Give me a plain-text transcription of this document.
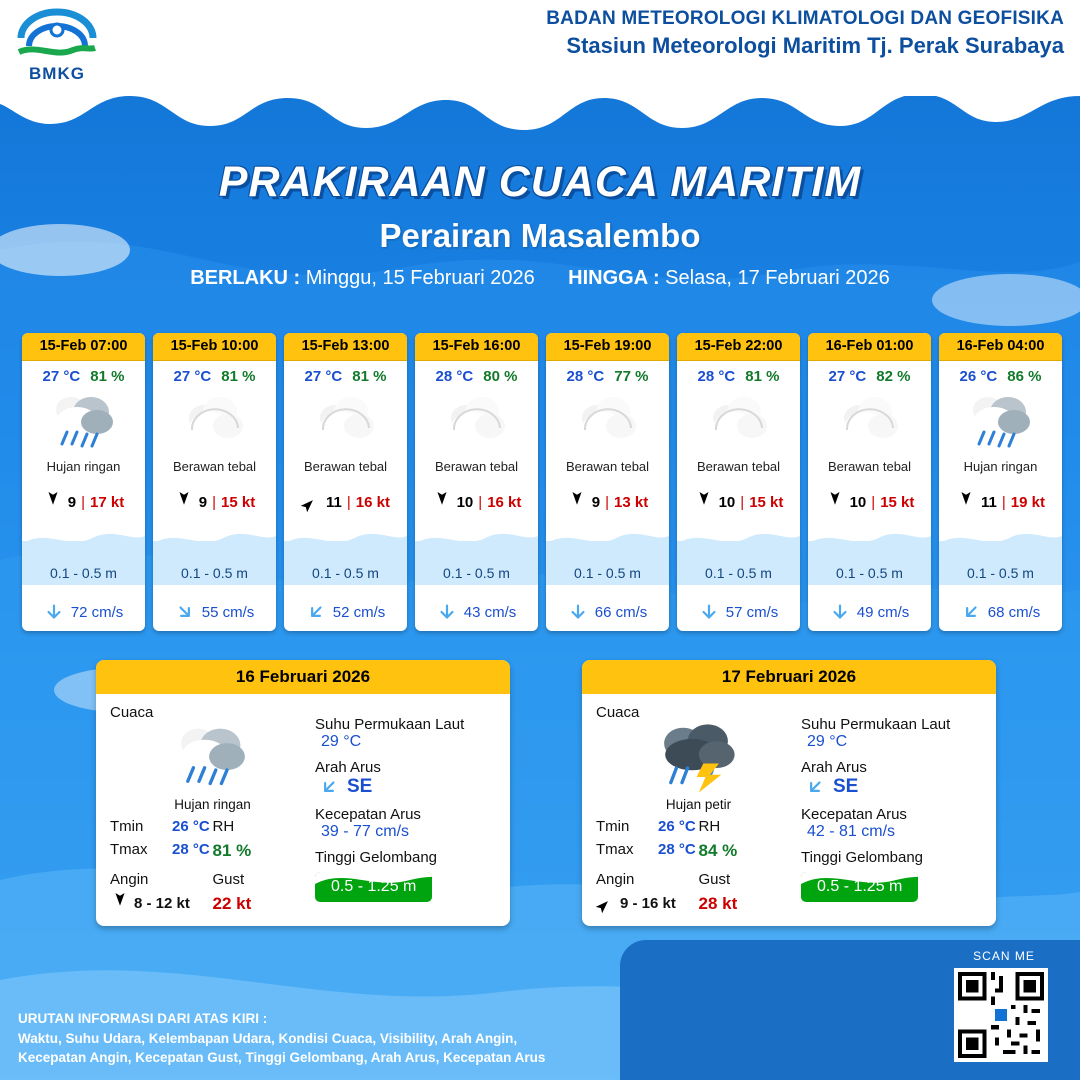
BMKG
BADAN METEOROLOGI KLIMATOLOGI DAN GEOFISIKA
Stasiun Meteorologi Maritim Tj. Perak Surabaya
PRAKIRAAN CUACA MARITIM
Perairan Masalembo
BERLAKU : Minggu, 15 Februari 2026 HINGGA : Selasa, 17 Februari 2026
15-Feb 07:00
27 °C 81 %
Hujan ringan
9 | 17 kt
0.1 - 0.5 m
72 cm/s
15-Feb 10:00
27 °C 81 %
Berawan tebal
9 | 15 kt
0.1 - 0.5 m
55 cm/s
15-Feb 13:00
27 °C 81 %
Berawan tebal
11 | 16 kt
0.1 - 0.5 m
52 cm/s
15-Feb 16:00
28 °C 80 %
Berawan tebal
10 | 16 kt
0.1 - 0.5 m
43 cm/s
15-Feb 19:00
28 °C 77 %
Berawan tebal
9 | 13 kt
0.1 - 0.5 m
66 cm/s
15-Feb 22:00
28 °C 81 %
Berawan tebal
10 | 15 kt
0.1 - 0.5 m
57 cm/s
16-Feb 01:00
27 °C 82 %
Berawan tebal
10 | 15 kt
0.1 - 0.5 m
49 cm/s
16-Feb 04:00
26 °C 86 %
Hujan ringan
11 | 19 kt
0.1 - 0.5 m
68 cm/s
16 Februari 2026
Cuaca
Hujan ringan
Tmin	26 °C
Tmax	28 °C
RH
81 %
Angin
8 - 12 kt
Gust
22 kt
Suhu Permukaan Laut
29 °C
Arah Arus
SE
Kecepatan Arus
39 - 77 cm/s
Tinggi Gelombang
0.5 - 1.25 m
17 Februari 2026
Cuaca
Hujan petir
Tmin	26 °C
Tmax	28 °C
RH
84 %
Angin
9 - 16 kt
Gust
28 kt
Suhu Permukaan Laut
29 °C
Arah Arus
SE
Kecepatan Arus
42 - 81 cm/s
Tinggi Gelombang
0.5 - 1.25 m
URUTAN INFORMASI DARI ATAS KIRI :
Waktu, Suhu Udara, Kelembapan Udara, Kondisi Cuaca, Visibility, Arah Angin,
Kecepatan Angin, Kecepatan Gust, Tinggi Gelombang, Arah Arus, Kecepatan Arus
SCAN ME
